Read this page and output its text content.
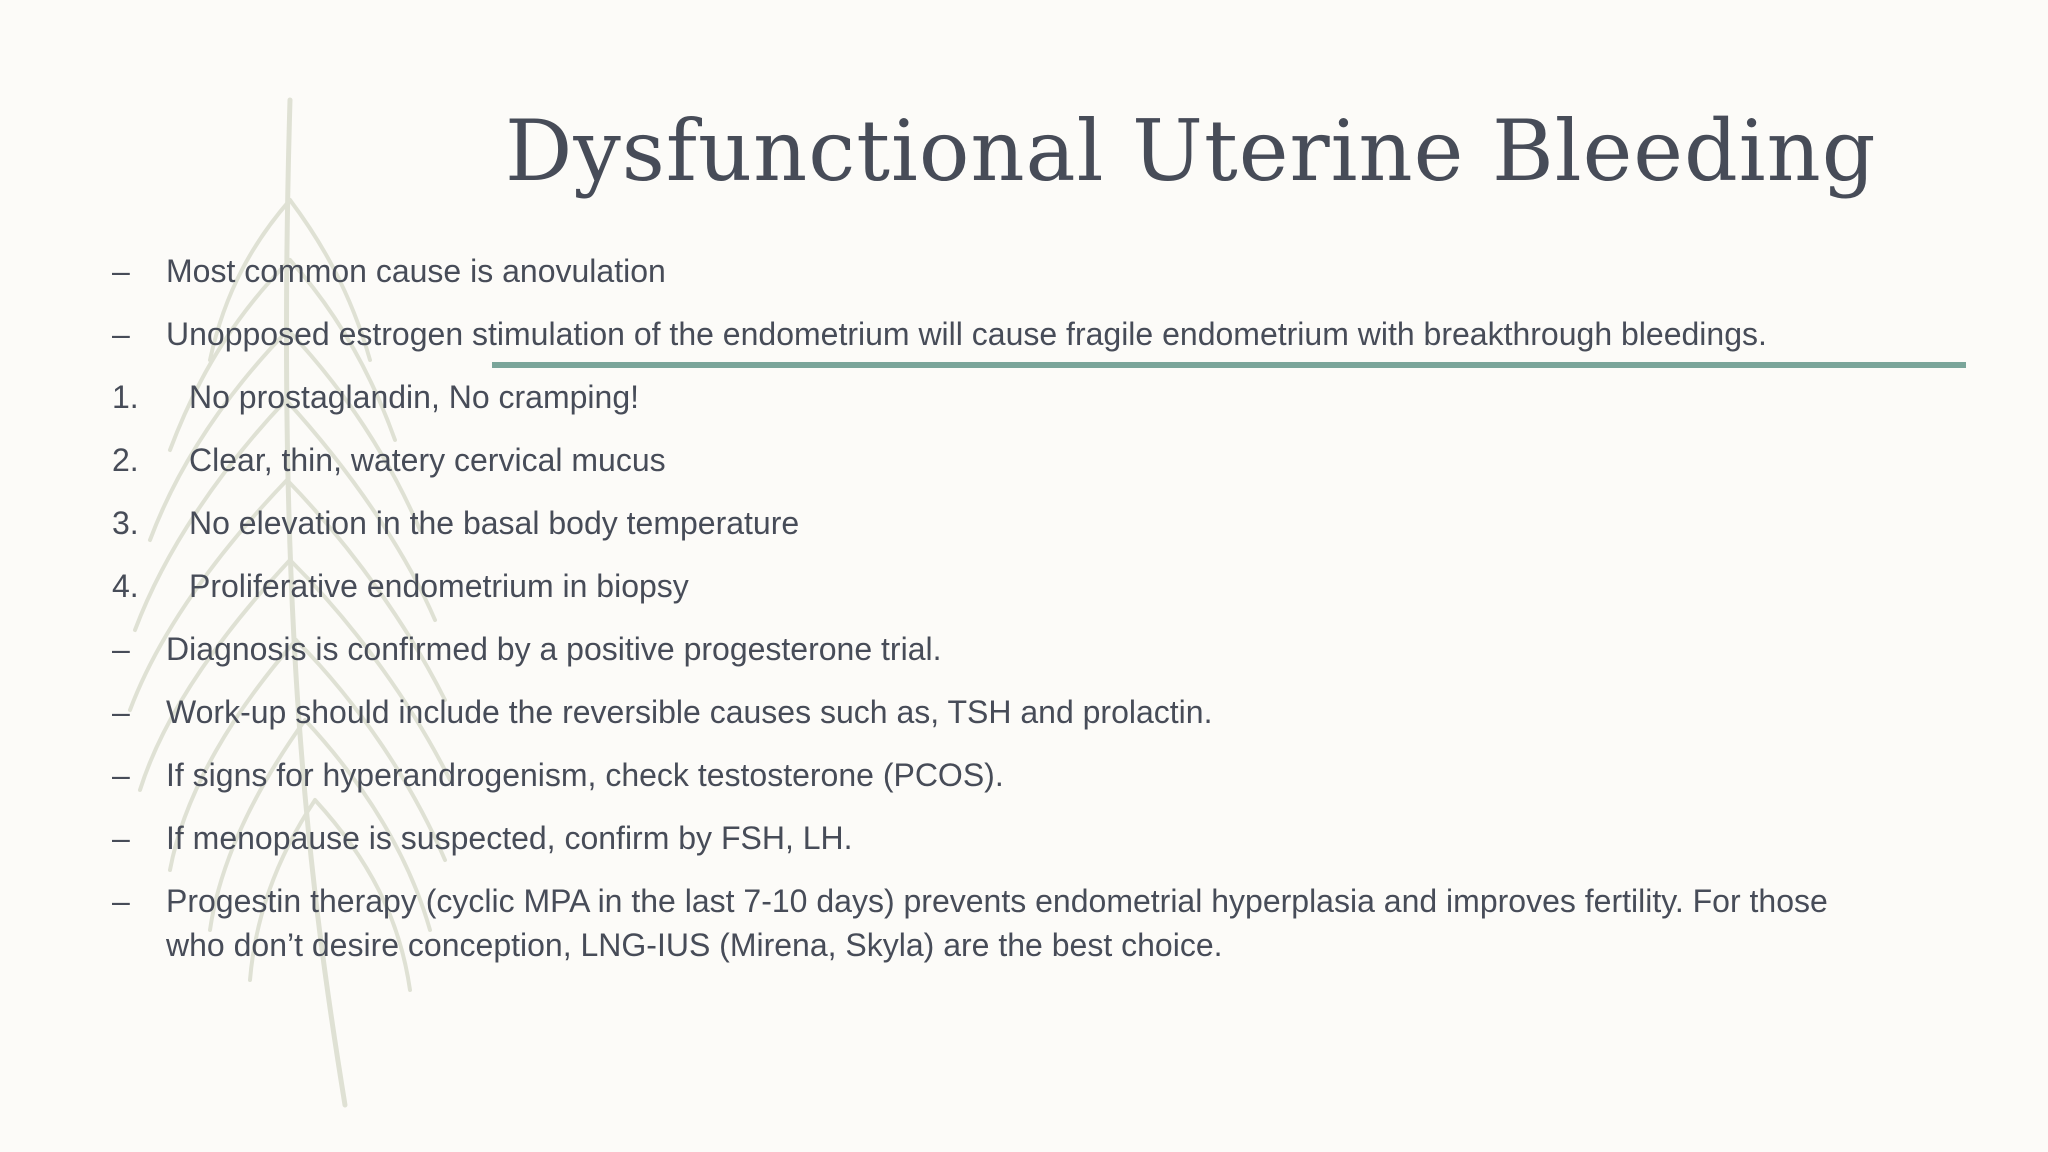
Dysfunctional Uterine Bleeding
– Most common cause is anovulation
– Unopposed estrogen stimulation of the endometrium will cause fragile endometrium with breakthrough bleedings.
1. No prostaglandin, No cramping!
2. Clear, thin, watery cervical mucus
3. No elevation in the basal body temperature
4. Proliferative endometrium in biopsy
– Diagnosis is confirmed by a positive progesterone trial.
– Work-up should include the reversible causes such as, TSH and prolactin.
– If signs for hyperandrogenism, check testosterone (PCOS).
– If menopause is suspected, confirm by FSH, LH.
– Progestin therapy (cyclic MPA in the last 7-10 days) prevents endometrial hyperplasia and improves fertility. For those
who don’t desire conception, LNG-IUS (Mirena, Skyla) are the best choice.
